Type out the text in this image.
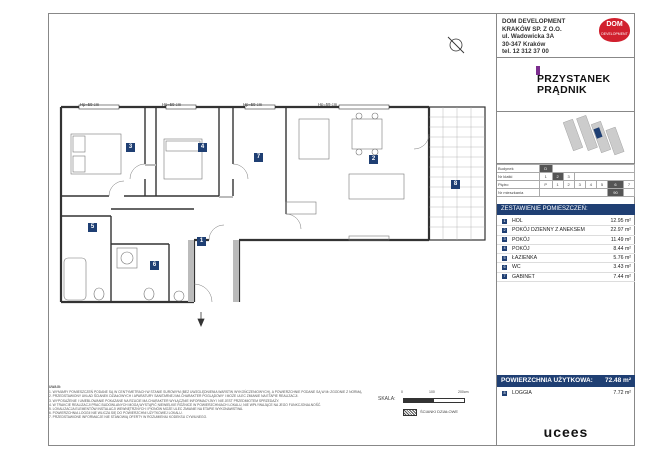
3	4
7	2
8
5
6
1
Hp=59 cm	Hp=59 cm	Hp=59 cm	Hp=59 cm
UWAGI:
1. WYMIARY POMIESZCZEŃ PODANE SĄ W CENTYMETRACH W STANIE SUROWYM (BEZ UWZGLĘDNIENIA WARSTW WYKOŃCZENIOWYCH), A POWIERZCHNIE PODANE SĄ W M² ZGODNIE Z NORMĄ.
2. PRZEDSTAWIONY UKŁAD ŚCIANEK DZIAŁOWYCH I APARATURY SANITARNEJ MA CHARAKTER POGLĄDOWY I MOŻE ULEC ZMIANIE NA ETAPIE REALIZACJI.
3. WYPOSAŻENIE I UMEBLOWANIE POKAZANE NA RZUCIE MA CHARAKTER WYŁĄCZNIE INFORMACYJNY I NIE JEST PRZEDMIOTEM SPRZEDAŻY.
4. W TRAKCIE REALIZACJI PRAC BUDOWLANYCH MOGĄ WYSTĄPIĆ NIEWIELKIE RÓŻNICE W POWIERZCHNIACH LOKALU, NIE WPŁYWAJĄCE NA JEGO FUNKCJONALNOŚĆ.
5. LOKALIZACJA ELEMENTÓW INSTALACJI WEWNĘTRZNYCH I PIONÓW MOŻE ULEC ZMIANIE NA ETAPIE WYKONAWSTWA.
6. POWIERZCHNIA LOGGII NIE WLICZA SIĘ DO POWIERZCHNI UŻYTKOWEJ LOKALU.
7. PRZEDSTAWIONE INFORMACJE NIE STANOWIĄ OFERTY W ROZUMIENIU KODEKSU CYWILNEGO.
SKALA:
0	100	200cm
ŚCIANKI DZIAŁOWE
DOM DEVELOPMENT
KRAKÓW SP. Z O.O.
ul. Wadowicka 3A
30-347 Kraków
tel. 12 312 37 00
DOM
DEVELOPMENT
PRZYSTANEK
PRĄDNIK
Budynek	D							
Nr klatki	1	2	3					
Piętro	P	1	2	3	4	5	6	7
Nr mieszkania							90	
ZESTAWIENIE POMIESZCZEŃ:
1 HOL	12.95 m²
2 POKÓJ DZIENNY Z ANEKSEM	22.97 m²
3 POKÓJ	11.49 m²
4 POKÓJ	8.44 m²
5 ŁAZIENKA	5.76 m²
6 WC	3.43 m²
7 GABINET	7.44 m²
POWIERZCHNIA UŻYTKOWA: 72.48 m²
8 LOGGIA	7.72 m²
ucees
